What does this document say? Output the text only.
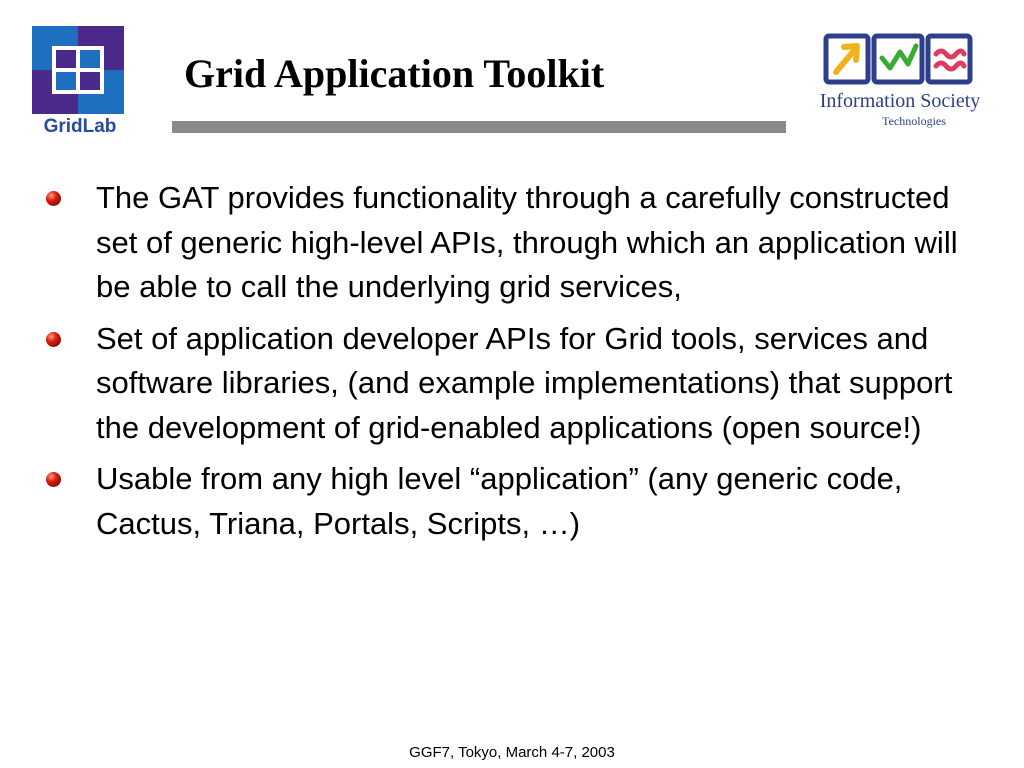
GridLab
Grid Application Toolkit
Information Society
Technologies
The GAT provides functionality through a carefully constructed set of generic high-level APIs, through which an application will be able to call the underlying grid services,
Set of application developer APIs for Grid tools, services and software libraries, (and example implementations) that support the development of grid-enabled applications (open source!)
Usable from any high level “application” (any generic code, Cactus, Triana, Portals, Scripts, …)
GGF7, Tokyo, March 4-7, 2003
